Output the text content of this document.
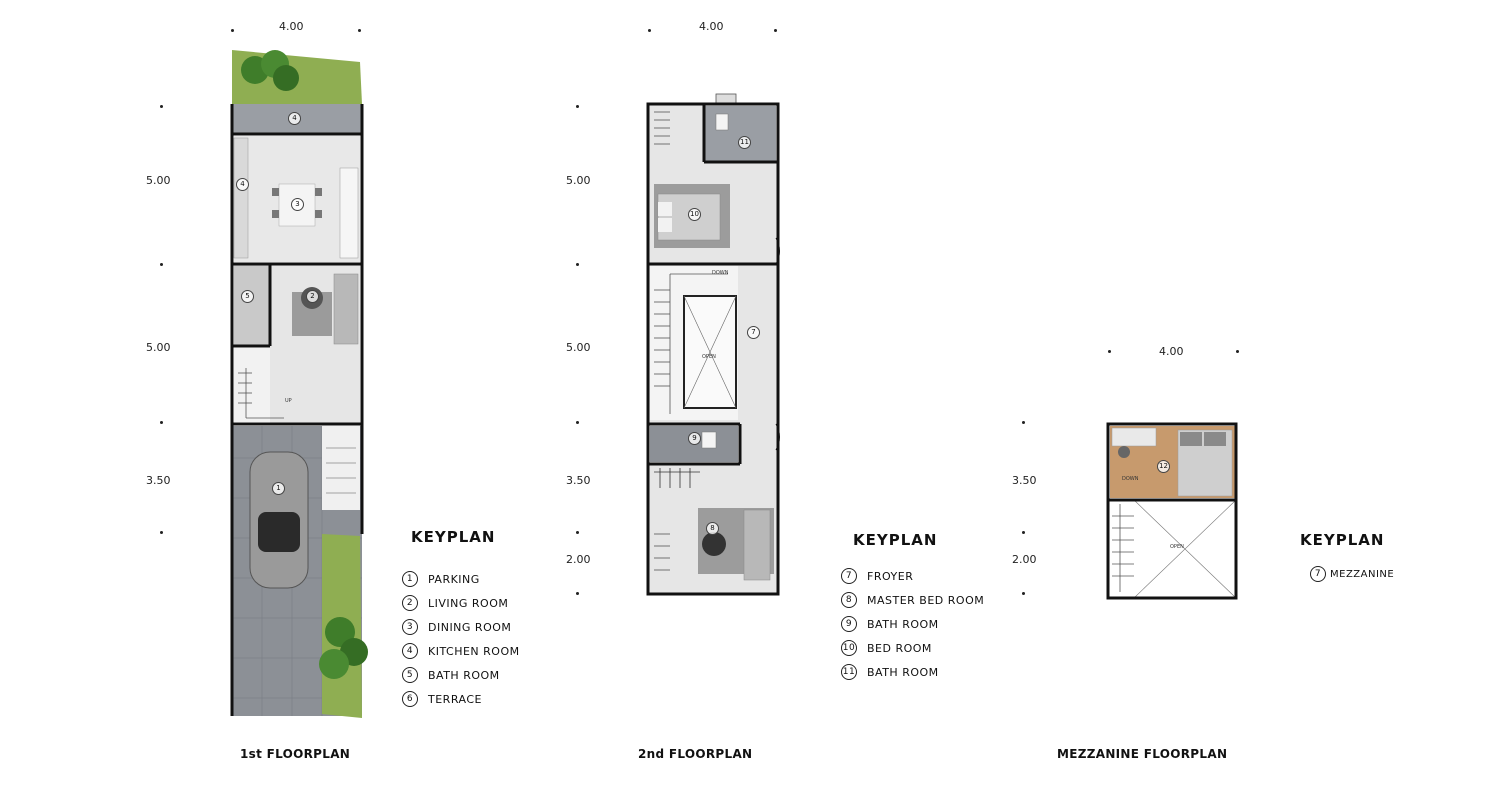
4.00
5.00
5.00
3.50
4
4
3
5	2
1
UP
KEYPLAN
1	PARKING
2	LIVING ROOM
3	DINING ROOM
4	KITCHEN ROOM
5	BATH ROOM
6	TERRACE
1st FLOORPLAN
4.00
5.00
5.00
3.50
2.00
11
10
7
9
8
OPEN
DOWN
KEYPLAN
7	FROYER
8	MASTER BED ROOM
9	BATH ROOM
10 BED ROOM
11 BATH ROOM
2nd FLOORPLAN
4.00
3.50
2.00
12
OPEN
DOWN
KEYPLAN
7 MEZZANINE
MEZZANINE FLOORPLAN
